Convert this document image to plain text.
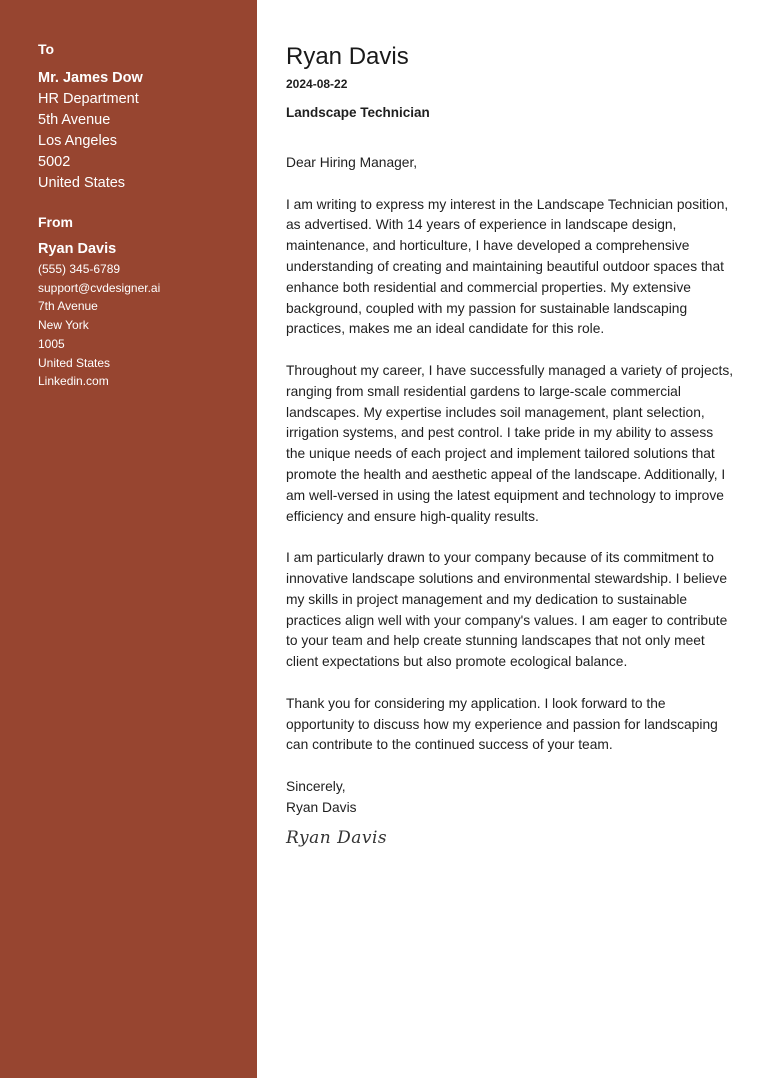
To
Mr. James Dow
HR Department
5th Avenue
Los Angeles
5002
United States
From
Ryan Davis
(555) 345-6789
support@cvdesigner.ai
7th Avenue
New York
1005
United States
Linkedin.com
Ryan Davis
2024-08-22
Landscape Technician

Dear Hiring Manager,

I am writing to express my interest in the Landscape Technician position, as advertised. With 14 years of experience in landscape design, maintenance, and horticulture, I have developed a comprehensive understanding of creating and maintaining beautiful outdoor spaces that enhance both residential and commercial properties. My extensive background, coupled with my passion for sustainable landscaping practices, makes me an ideal candidate for this role.

Throughout my career, I have successfully managed a variety of projects, ranging from small residential gardens to large-scale commercial landscapes. My expertise includes soil management, plant selection, irrigation systems, and pest control. I take pride in my ability to assess the unique needs of each project and implement tailored solutions that promote the health and aesthetic appeal of the landscape. Additionally, I am well-versed in using the latest equipment and technology to improve efficiency and ensure high-quality results.

I am particularly drawn to your company because of its commitment to innovative landscape solutions and environmental stewardship. I believe my skills in project management and my dedication to sustainable practices align well with your company's values. I am eager to contribute to your team and help create stunning landscapes that not only meet client expectations but also promote ecological balance.

Thank you for considering my application. I look forward to the opportunity to discuss how my experience and passion for landscaping can contribute to the continued success of your team.

Sincerely,
Ryan Davis
Ryan Davis
